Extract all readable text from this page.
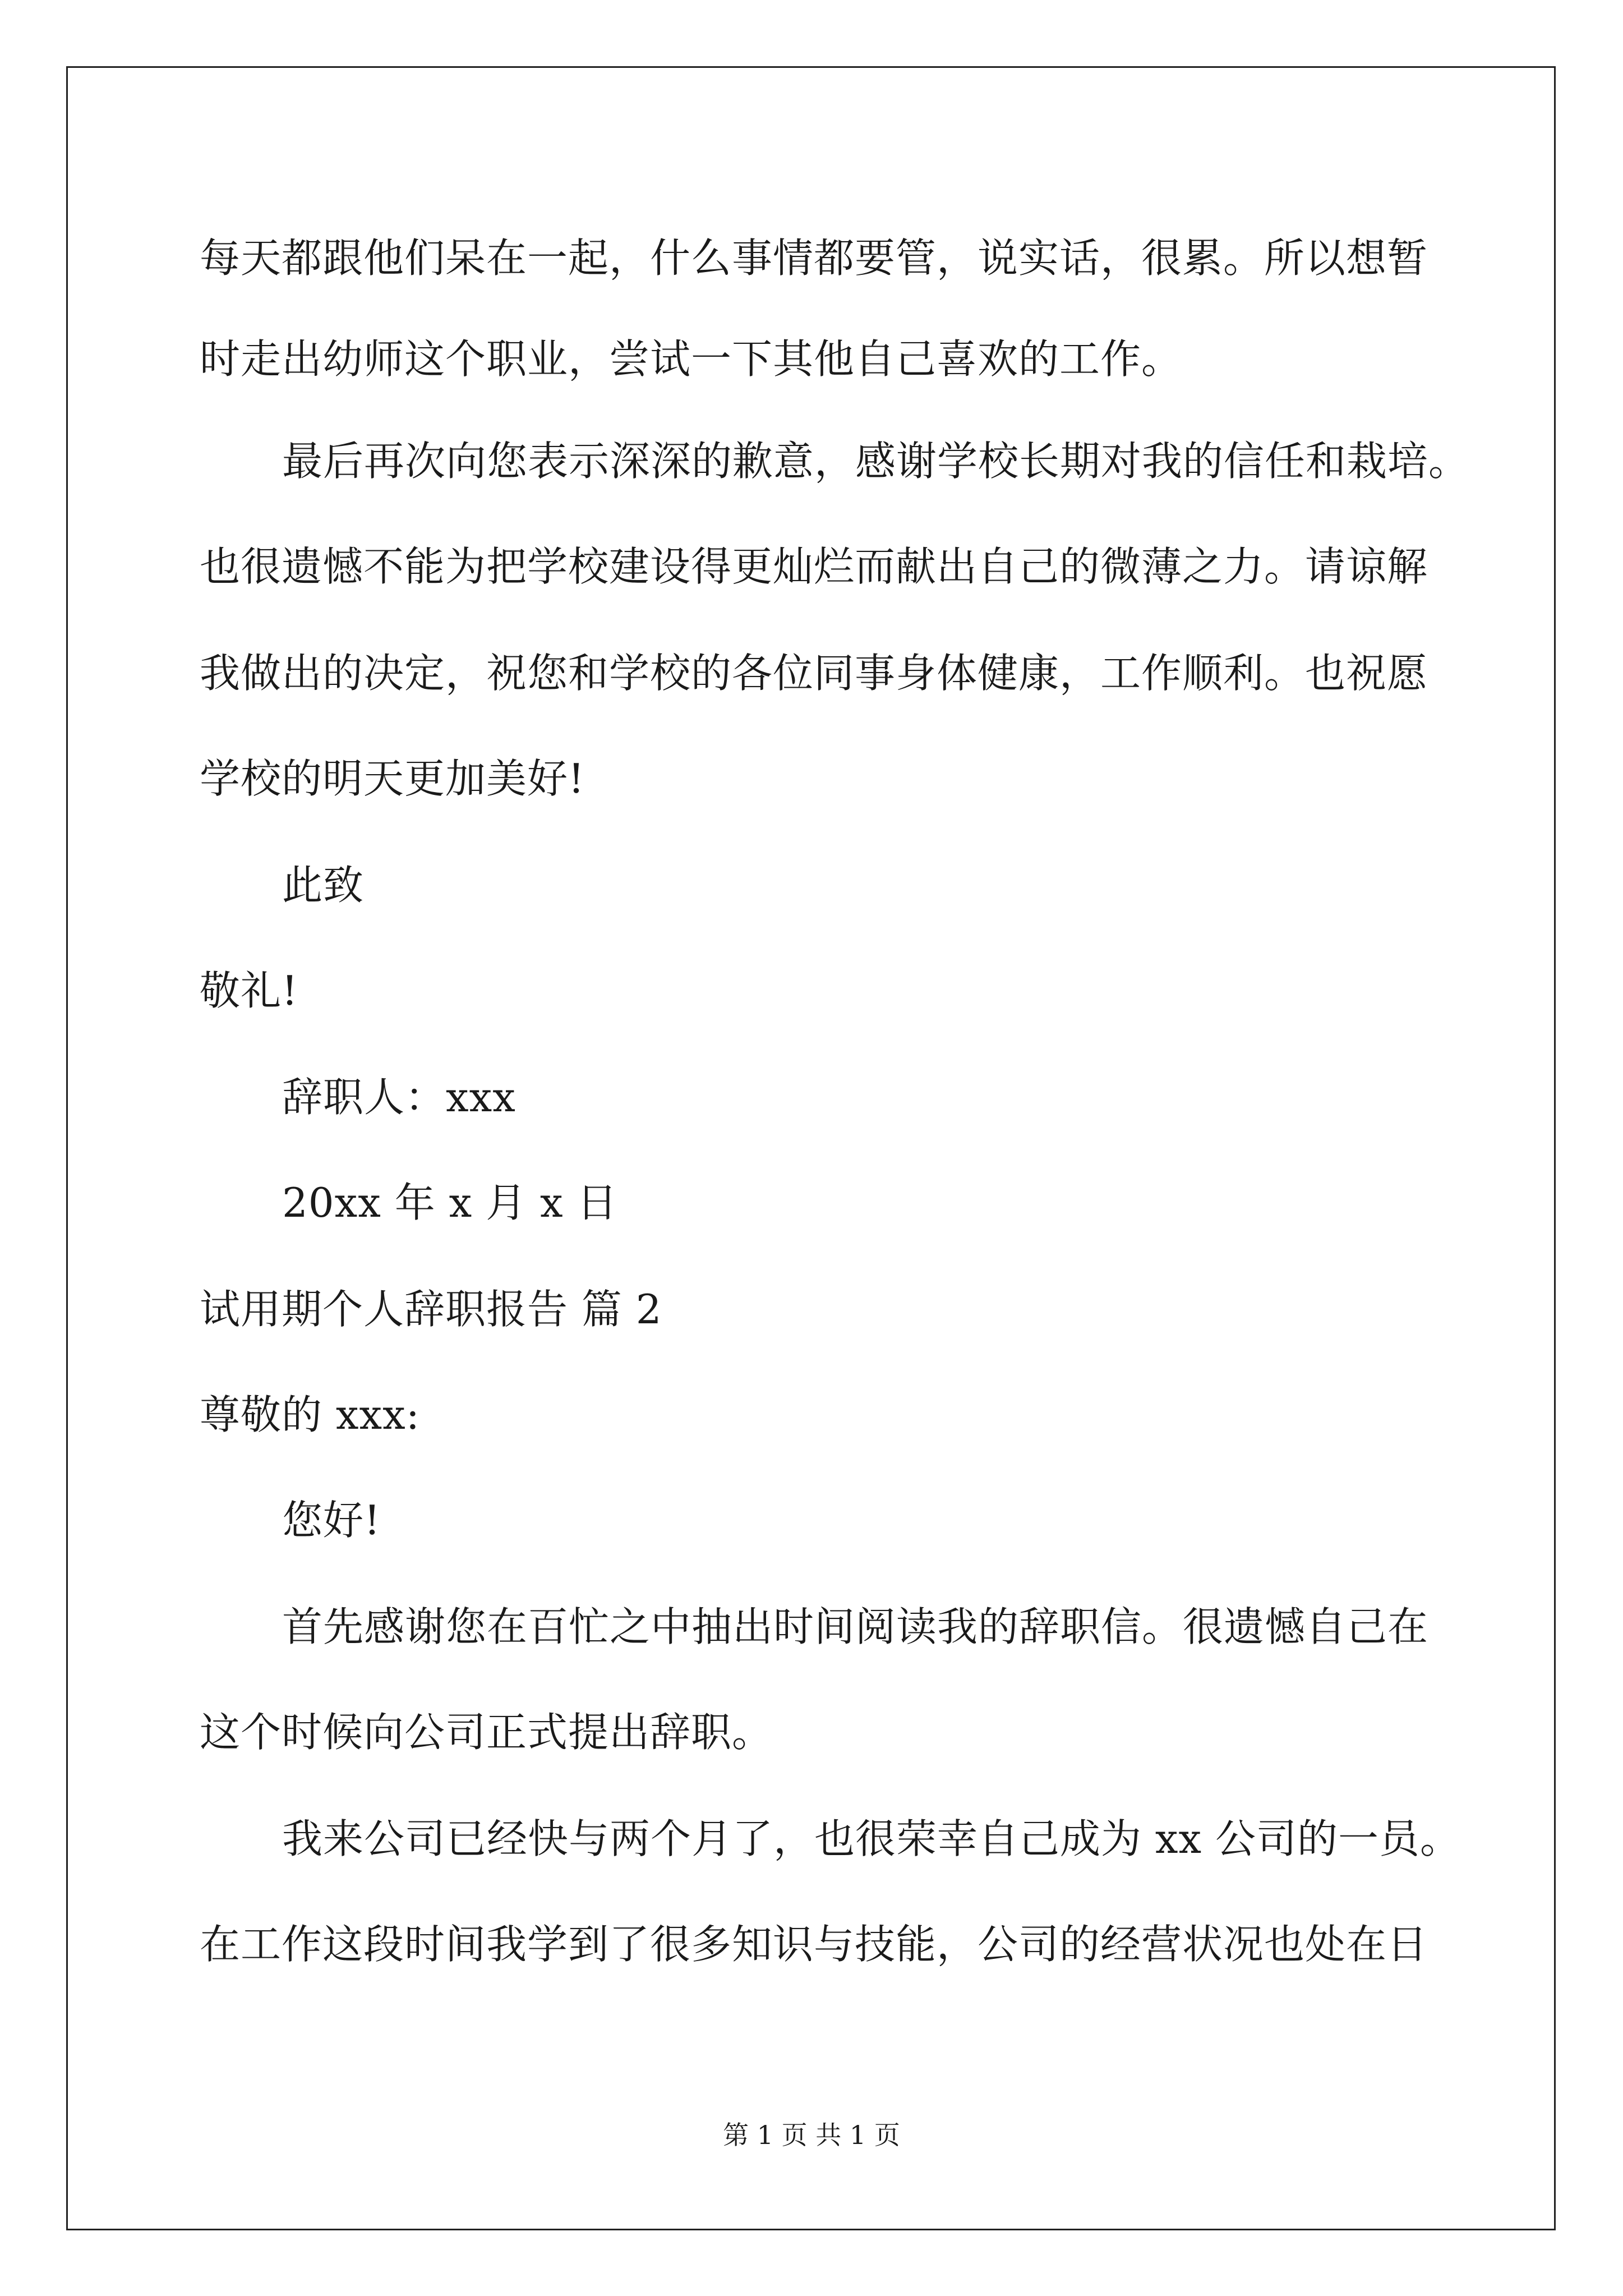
每天都跟他们呆在一起，什么事情都要管，说实话，很累。所以想暂
时走出幼师这个职业，尝试一下其他自己喜欢的工作。
最后再次向您表示深深的歉意，感谢学校长期对我的信任和栽培。
也很遗憾不能为把学校建设得更灿烂而献出自己的微薄之力。请谅解
我做出的决定，祝您和学校的各位同事身体健康，工作顺利。也祝愿
学校的明天更加美好!
此致
敬礼!
辞职人：xxx
20xx 年 x 月 x 日
试用期个人辞职报告 篇 2
尊敬的 xxx:
您好!
首先感谢您在百忙之中抽出时间阅读我的辞职信。很遗憾自己在
这个时候向公司正式提出辞职。
我来公司已经快与两个月了，也很荣幸自己成为 xx 公司的一员。
在工作这段时间我学到了很多知识与技能，公司的经营状况也处在日
第 1 页 共 1 页
